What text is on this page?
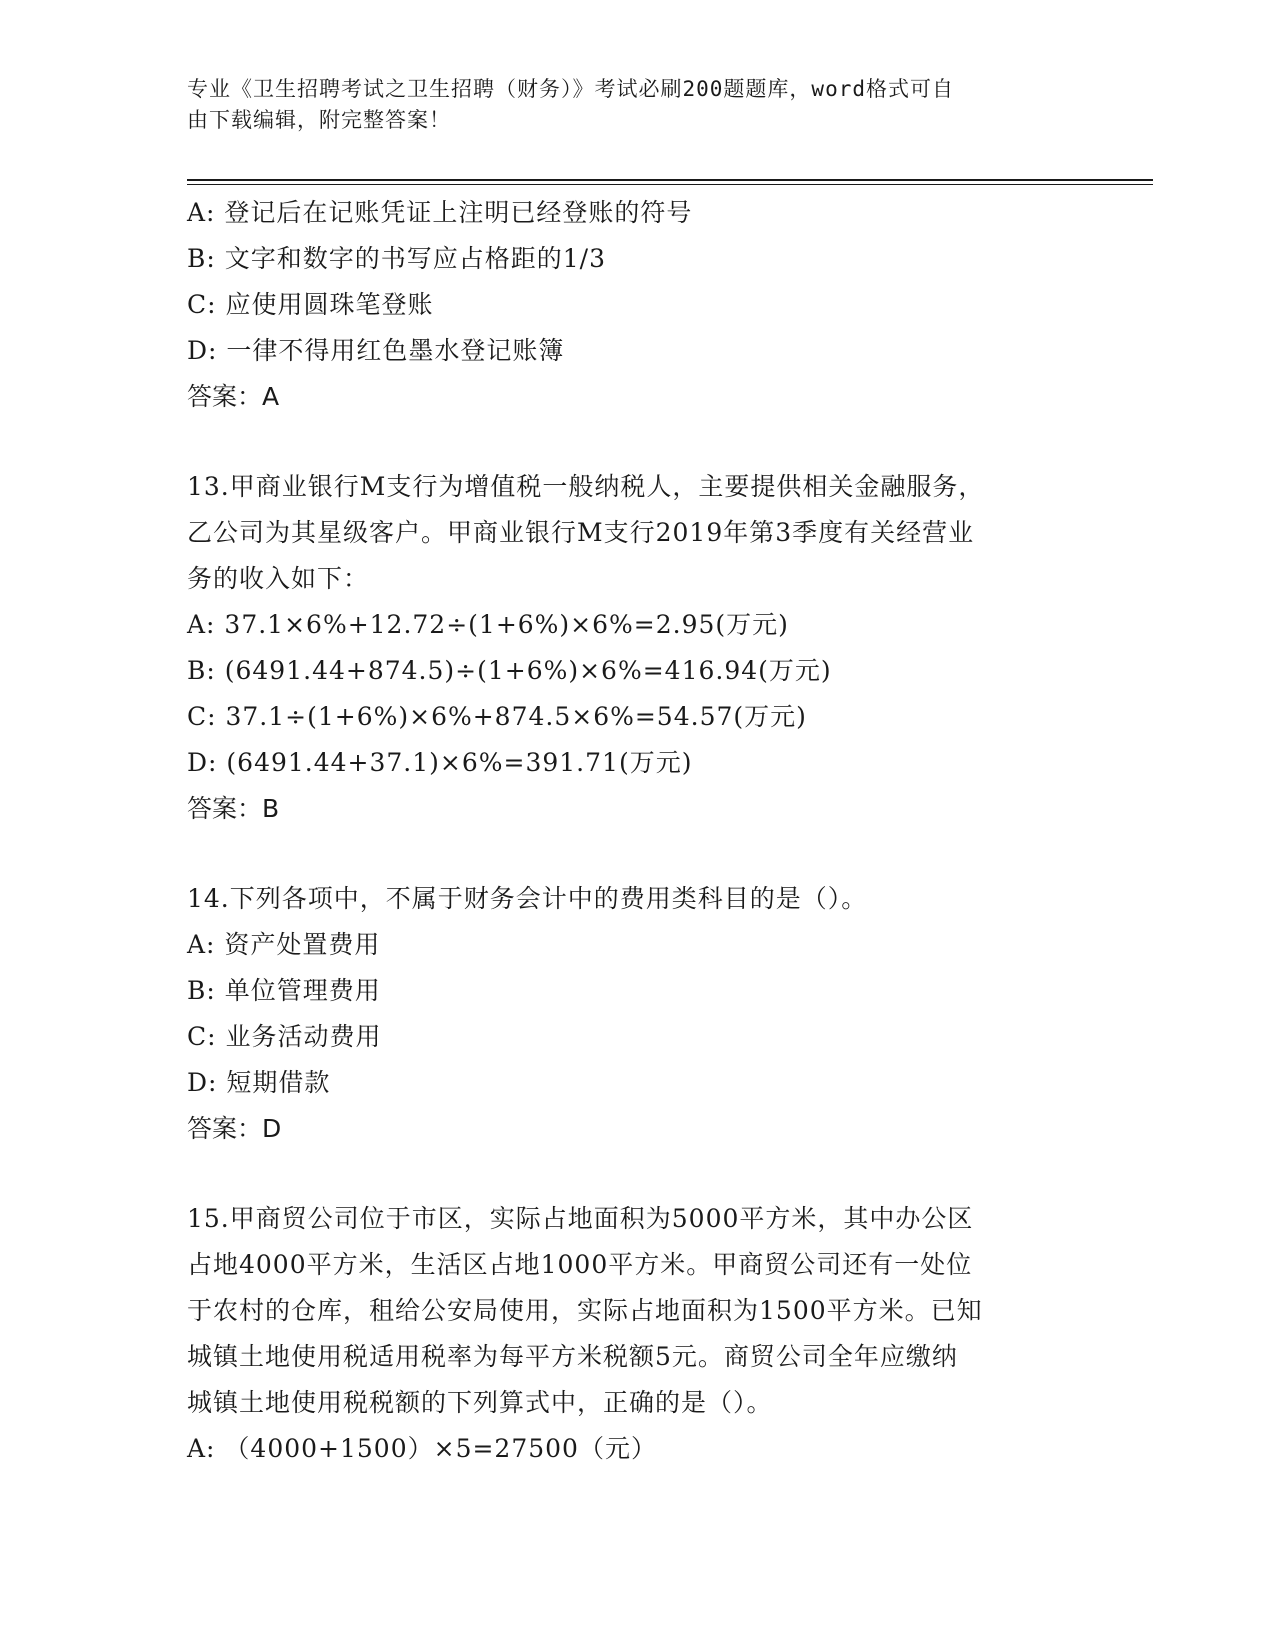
专业《卫生招聘考试之卫生招聘（财务）》考试必刷200题题库，word格式可自
由下载编辑，附完整答案！
A: 登记后在记账凭证上注明已经登账的符号
B: 文字和数字的书写应占格距的1/3
C: 应使用圆珠笔登账
D: 一律不得用红色墨水登记账簿
答案：A
13.甲商业银行M支行为增值税一般纳税人，主要提供相关金融服务，
乙公司为其星级客户。甲商业银行M支行2019年第3季度有关经营业
务的收入如下：
A: 37.1×6%+12.72÷(1+6%)×6%=2.95(万元)
B: (6491.44+874.5)÷(1+6%)×6%=416.94(万元)
C: 37.1÷(1+6%)×6%+874.5×6%=54.57(万元)
D: (6491.44+37.1)×6%=391.71(万元)
答案：B
14.下列各项中，不属于财务会计中的费用类科目的是（）。
A: 资产处置费用
B: 单位管理费用
C: 业务活动费用
D: 短期借款
答案：D
15.甲商贸公司位于市区，实际占地面积为5000平方米，其中办公区
占地4000平方米，生活区占地1000平方米。甲商贸公司还有一处位
于农村的仓库，租给公安局使用，实际占地面积为1500平方米。已知
城镇土地使用税适用税率为每平方米税额5元。商贸公司全年应缴纳
城镇土地使用税税额的下列算式中，正确的是（）。
A: （4000+1500）×5=27500（元）
